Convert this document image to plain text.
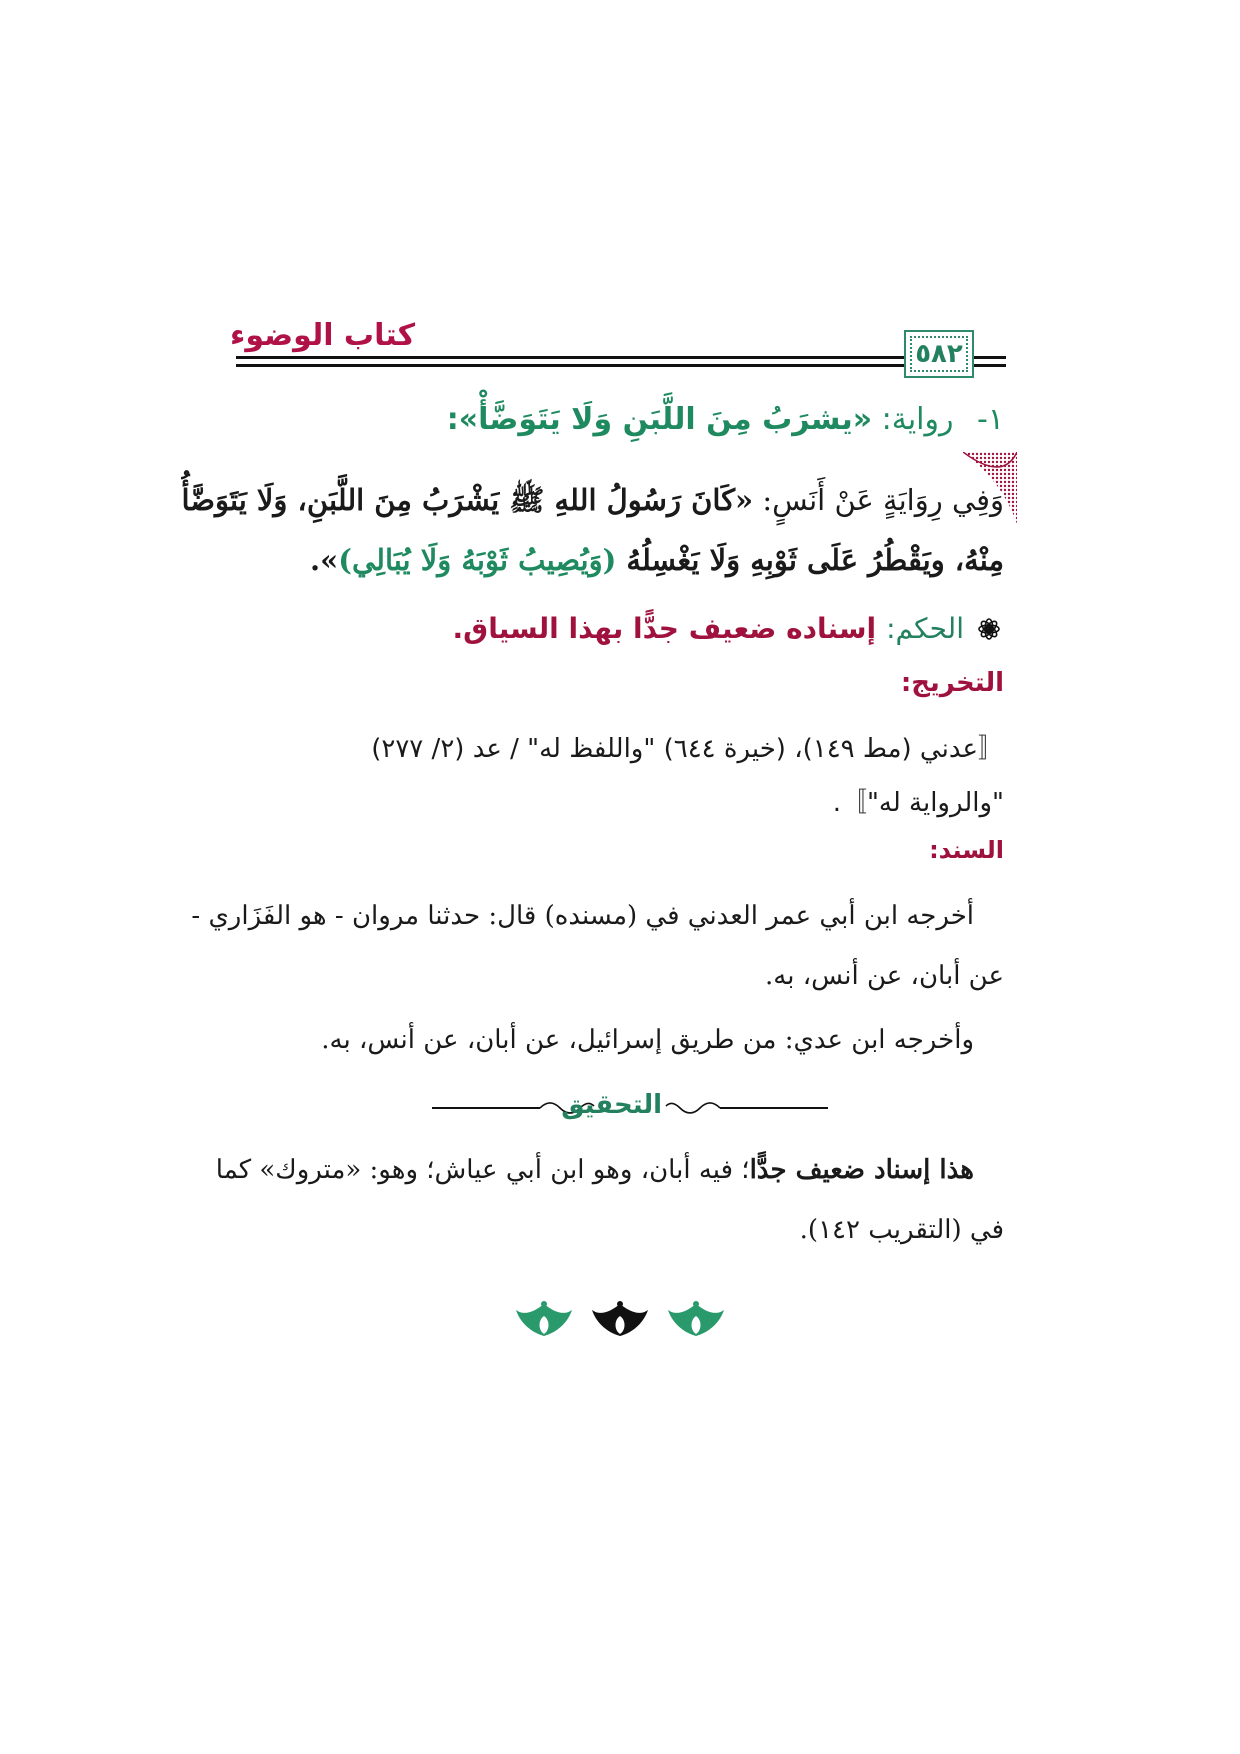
كتاب الوضوء
٥٨٢
١- رواية: «يشرَبُ مِنَ اللَّبَنِ وَلَا يَتَوَضَّأْ»:
وَفِي رِوَايَةٍ عَنْ أَنَسٍ: «كَانَ رَسُولُ اللهِ ﷺ يَشْرَبُ مِنَ اللَّبَنِ، وَلَا يَتَوَضَّأُ
مِنْهُ، ويَقْطُرُ عَلَى ثَوْبِهِ وَلَا يَغْسِلُهُ (وَيُصِيبُ ثَوْبَهُ وَلَا يُبَالِي)».
الحكم:
إسناده ضعيف جدًّا بهذا السياق.
التخريج:
〚عدني (مط ١٤٩)، (خيرة ٦٤٤) "واللفظ له" / عد (٢/ ٢٧٧)
"والرواية له"〛.
السند:
أخرجه ابن أبي عمر العدني في (مسنده) قال: حدثنا مروان - هو الفَزَاري -
عن أبان، عن أنس، به.
وأخرجه ابن عدي: من طريق إسرائيل، عن أبان، عن أنس، به.
التحقيق
هذا إسناد ضعيف جدًّا؛ فيه أبان، وهو ابن أبي عياش؛ وهو: «متروك» كما
في (التقريب ١٤٢).
